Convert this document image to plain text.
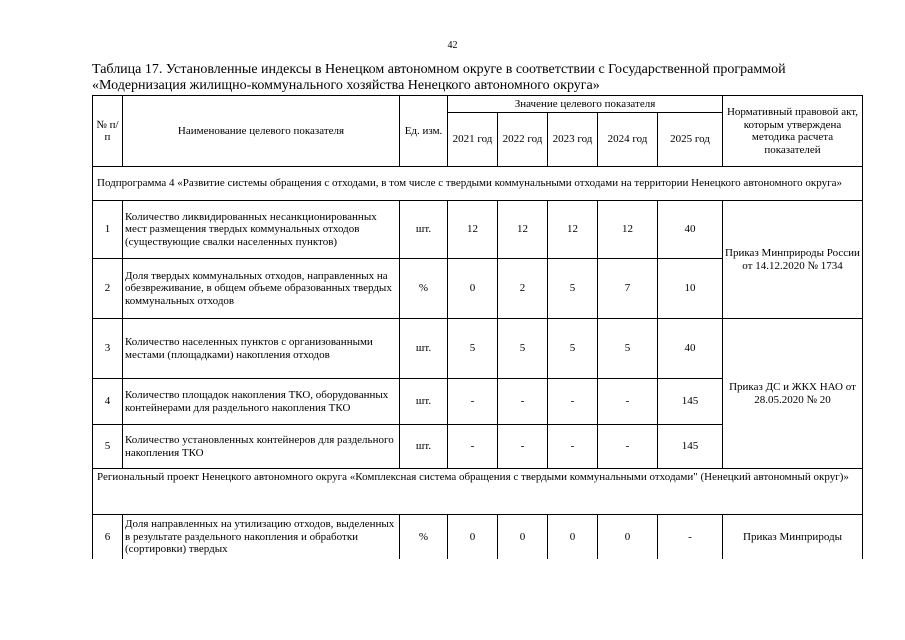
42
Таблица 17. Установленные индексы в Ненецком автономном округе в соответствии с Государственной программой «Модернизация жилищно-коммунального хозяйства Ненецкого автономного округа»
№ п/п	Наименование целевого показателя	Ед. изм.	Значение целевого показателя					Нормативный правовой акт, которым утверждена методика расчета показателей
			2021 год	2022 год	2023 год	2024 год	2025 год	
Подпрограмма 4 «Развитие системы обращения с отходами, в том числе с твердыми коммунальными отходами на территории Ненецкого автономного округа»								
1	Количество ликвидированных несанкционированных мест размещения твердых коммунальных отходов (существующие свалки населенных пунктов)	шт.	12	12	12	12	40	Приказ Минприроды России от 14.12.2020 № 1734
2	Доля твердых коммунальных отходов, направленных на обезвреживание, в общем объеме образованных твердых коммунальных отходов	%	0	2	5	7	10	
3	Количество населенных пунктов с организованными местами (площадками) накопления отходов	шт.	5	5	5	5	40	Приказ ДС и ЖКХ НАО от 28.05.2020 № 20
4	Количество площадок накопления ТКО, оборудованных контейнерами для раздельного накопления ТКО	шт.	-	-	-	-	145	
5	Количество установленных контейнеров для раздельного накопления ТКО	шт.	-	-	-	-	145	
Региональный проект Ненецкого автономного округа «Комплексная система обращения с твердыми коммунальными отходами" (Ненецкий автономный округ)»								
6	Доля направленных на утилизацию отходов, выделенных в результате раздельного накопления и обработки (сортировки) твердых	%	0	0	0	0	-	Приказ Минприроды
